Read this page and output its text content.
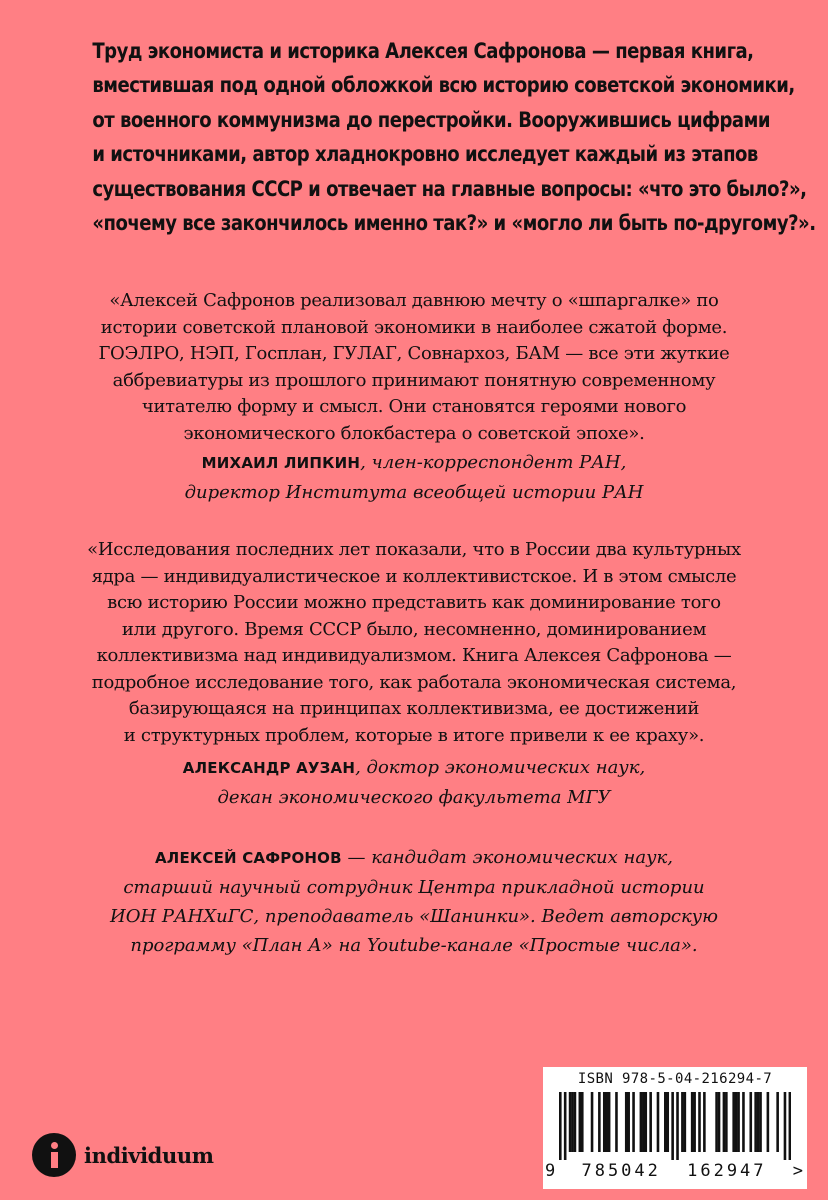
Труд экономиста и историка Алексея Сафронова — первая книга,
вместившая под одной обложкой всю историю советской экономики,
от военного коммунизма до перестройки. Вооружившись цифрами
и источниками, автор хладнокровно исследует каждый из этапов
существования СССР и отвечает на главные вопросы: «что это было?»,
«почему все закончилось именно так?» и «могло ли быть по-другому?».
«Алексей Сафронов реализовал давнюю мечту о «шпаргалке» по
истории советской плановой экономики в наиболее сжатой форме.
ГОЭЛРО, НЭП, Госплан, ГУЛАГ, Совнархоз, БАМ — все эти жуткие
аббревиатуры из прошлого принимают понятную современному
читателю форму и смысл. Они становятся героями нового
экономического блокбастера о советской эпохе».
МИХАИЛ ЛИПКИН, член-корреспондент РАН,
директор Института всеобщей истории РАН
«Исследования последних лет показали, что в России два культурных
ядра — индивидуалистическое и коллективистское. И в этом смысле
всю историю России можно представить как доминирование того
или другого. Время СССР было, несомненно, доминированием
коллективизма над индивидуализмом. Книга Алексея Сафронова —
подробное исследование того, как работала экономическая система,
базирующаяся на принципах коллективизма, ее достижений
и структурных проблем, которые в итоге привели к ее краху».
АЛЕКСАНДР АУЗАН, доктор экономических наук,
декан экономического факультета МГУ
АЛЕКСЕЙ САФРОНОВ — кандидат экономических наук,
старший научный сотрудник Центра прикладной истории
ИОН РАНХиГС, преподаватель «Шанинки». Ведет авторскую
программу «План А» на Youtube-канале «Простые числа».
individuum
ISBN 978-5-04-216294-7
9 785042 162947 >
